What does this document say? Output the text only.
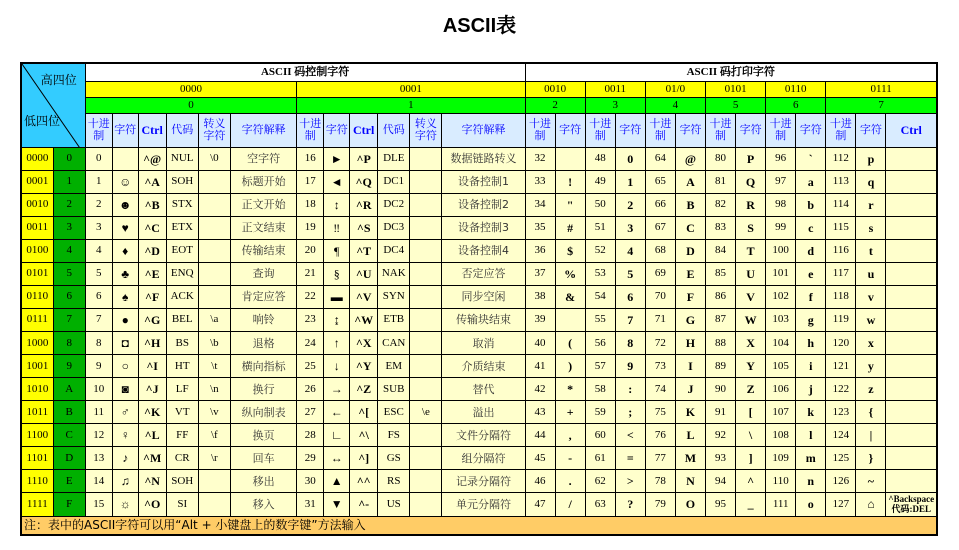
ASCII表
高四位
低四位		ASCII 码控制字符												ASCII 码打印字符												
		0000						0001						0010		0011		01/0		0101		0110		0111		
		0						1						2		3		4		5		6		7		
		十进制	字符	Ctrl	代码	转义字符	字符解释	十进制	字符	Ctrl	代码	转义字符	字符解释	十进制	字符	十进制	字符	十进制	字符	十进制	字符	十进制	字符	十进制	字符	Ctrl
0000	0	0		^@	NUL	\0	空字符	16	►	^P	DLE		数据链路转义	32		48	0	64	@	80	P	96	`	112	p	
0001	1	1	☺	^A	SOH		标题开始	17	◄	^Q	DC1		设备控制1	33	!	49	1	65	A	81	Q	97	a	113	q	
0010	2	2	☻	^B	STX		正文开始	18	↕	^R	DC2		设备控制2	34	"	50	2	66	B	82	R	98	b	114	r	
0011	3	3	♥	^C	ETX		正文结束	19	‼	^S	DC3		设备控制3	35	#	51	3	67	C	83	S	99	c	115	s	
0100	4	4	♦	^D	EOT		传输结束	20	¶	^T	DC4		设备控制4	36	$	52	4	68	D	84	T	100	d	116	t	
0101	5	5	♣	^E	ENQ		查询	21	§	^U	NAK		否定应答	37	%	53	5	69	E	85	U	101	e	117	u	
0110	6	6	♠	^F	ACK		肯定应答	22	▬	^V	SYN		同步空闲	38	&	54	6	70	F	86	V	102	f	118	v	
0111	7	7	●	^G	BEL	\a	响铃	23	↨	^W	ETB		传输块结束	39		55	7	71	G	87	W	103	g	119	w	
1000	8	8	◘	^H	BS	\b	退格	24	↑	^X	CAN		取消	40	(	56	8	72	H	88	X	104	h	120	x	
1001	9	9	○	^I	HT	\t	横向指标	25	↓	^Y	EM		介质结束	41	)	57	9	73	I	89	Y	105	i	121	y	
1010	A	10	◙	^J	LF	\n	换行	26	→	^Z	SUB		替代	42	*	58	:	74	J	90	Z	106	j	122	z	
1011	B	11	♂	^K	VT	\v	纵向制表	27	←	^[	ESC	\e	溢出	43	+	59	;	75	K	91	[	107	k	123	{	
1100	C	12	♀	^L	FF	\f	换页	28	∟	^\	FS		文件分隔符	44	,	60	<	76	L	92	\	108	l	124	|	
1101	D	13	♪	^M	CR	\r	回车	29	↔	^]	GS		组分隔符	45	-	61	=	77	M	93	]	109	m	125	}	
1110	E	14	♫	^N	SOH		移出	30	▲	^^	RS		记录分隔符	46	.	62	>	78	N	94	^	110	n	126	~	
1111	F	15	☼	^O	SI		移入	31	▼	^-	US		单元分隔符	47	/	63	?	79	O	95	_	111	o	127	⌂	^Backspace 代码:DEL
注：表中的ASCII字符可以用“Alt + 小键盘上的数字键”方法输入																										
